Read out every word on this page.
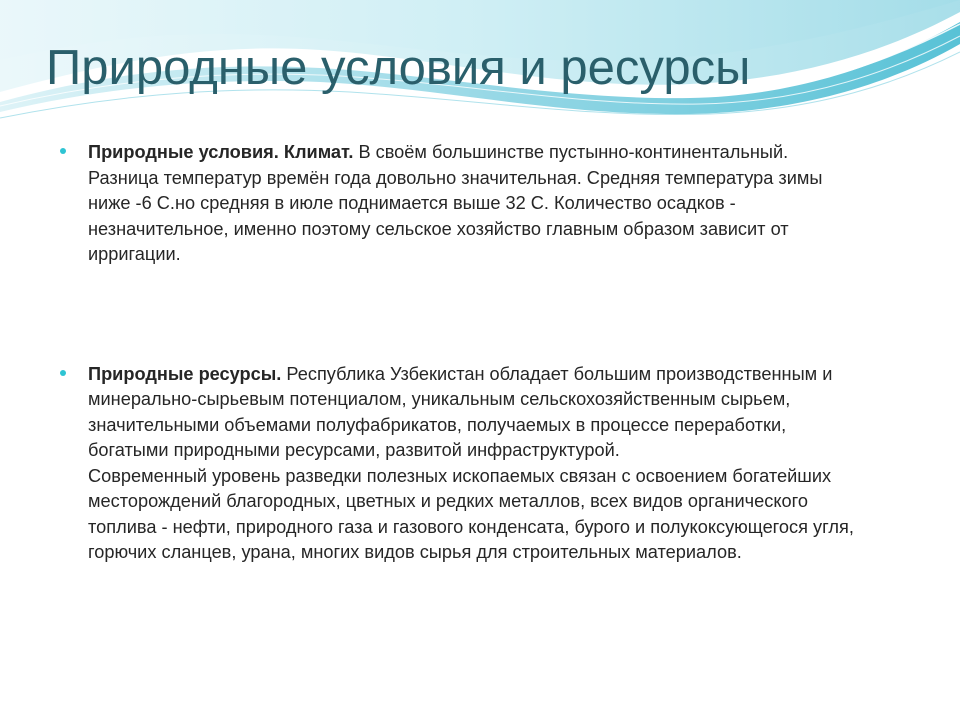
Природные условия и ресурсы
Природные условия. Климат. В своём большинстве пустынно-континентальный. Разница температур времён года довольно значительная. Средняя температура зимы ниже -6 С.но средняя в июле поднимается выше 32 С. Количество осадков - незначительное, именно поэтому сельское хозяйство главным образом зависит от ирригации.
Природные ресурсы. Республика Узбекистан обладает большим производственным и минерально-сырьевым потенциалом, уникальным сельскохозяйственным сырьем, значительными объемами полуфабрикатов, получаемых в процессе переработки, богатыми природными ресурсами, развитой инфраструктурой.
Современный уровень разведки полезных ископаемых связан с освоением богатейших месторождений благородных, цветных и редких металлов, всех видов органического топлива - нефти, природного газа и газового конденсата, бурого и полукоксующегося угля, горючих сланцев, урана, многих видов сырья для строительных материалов.
